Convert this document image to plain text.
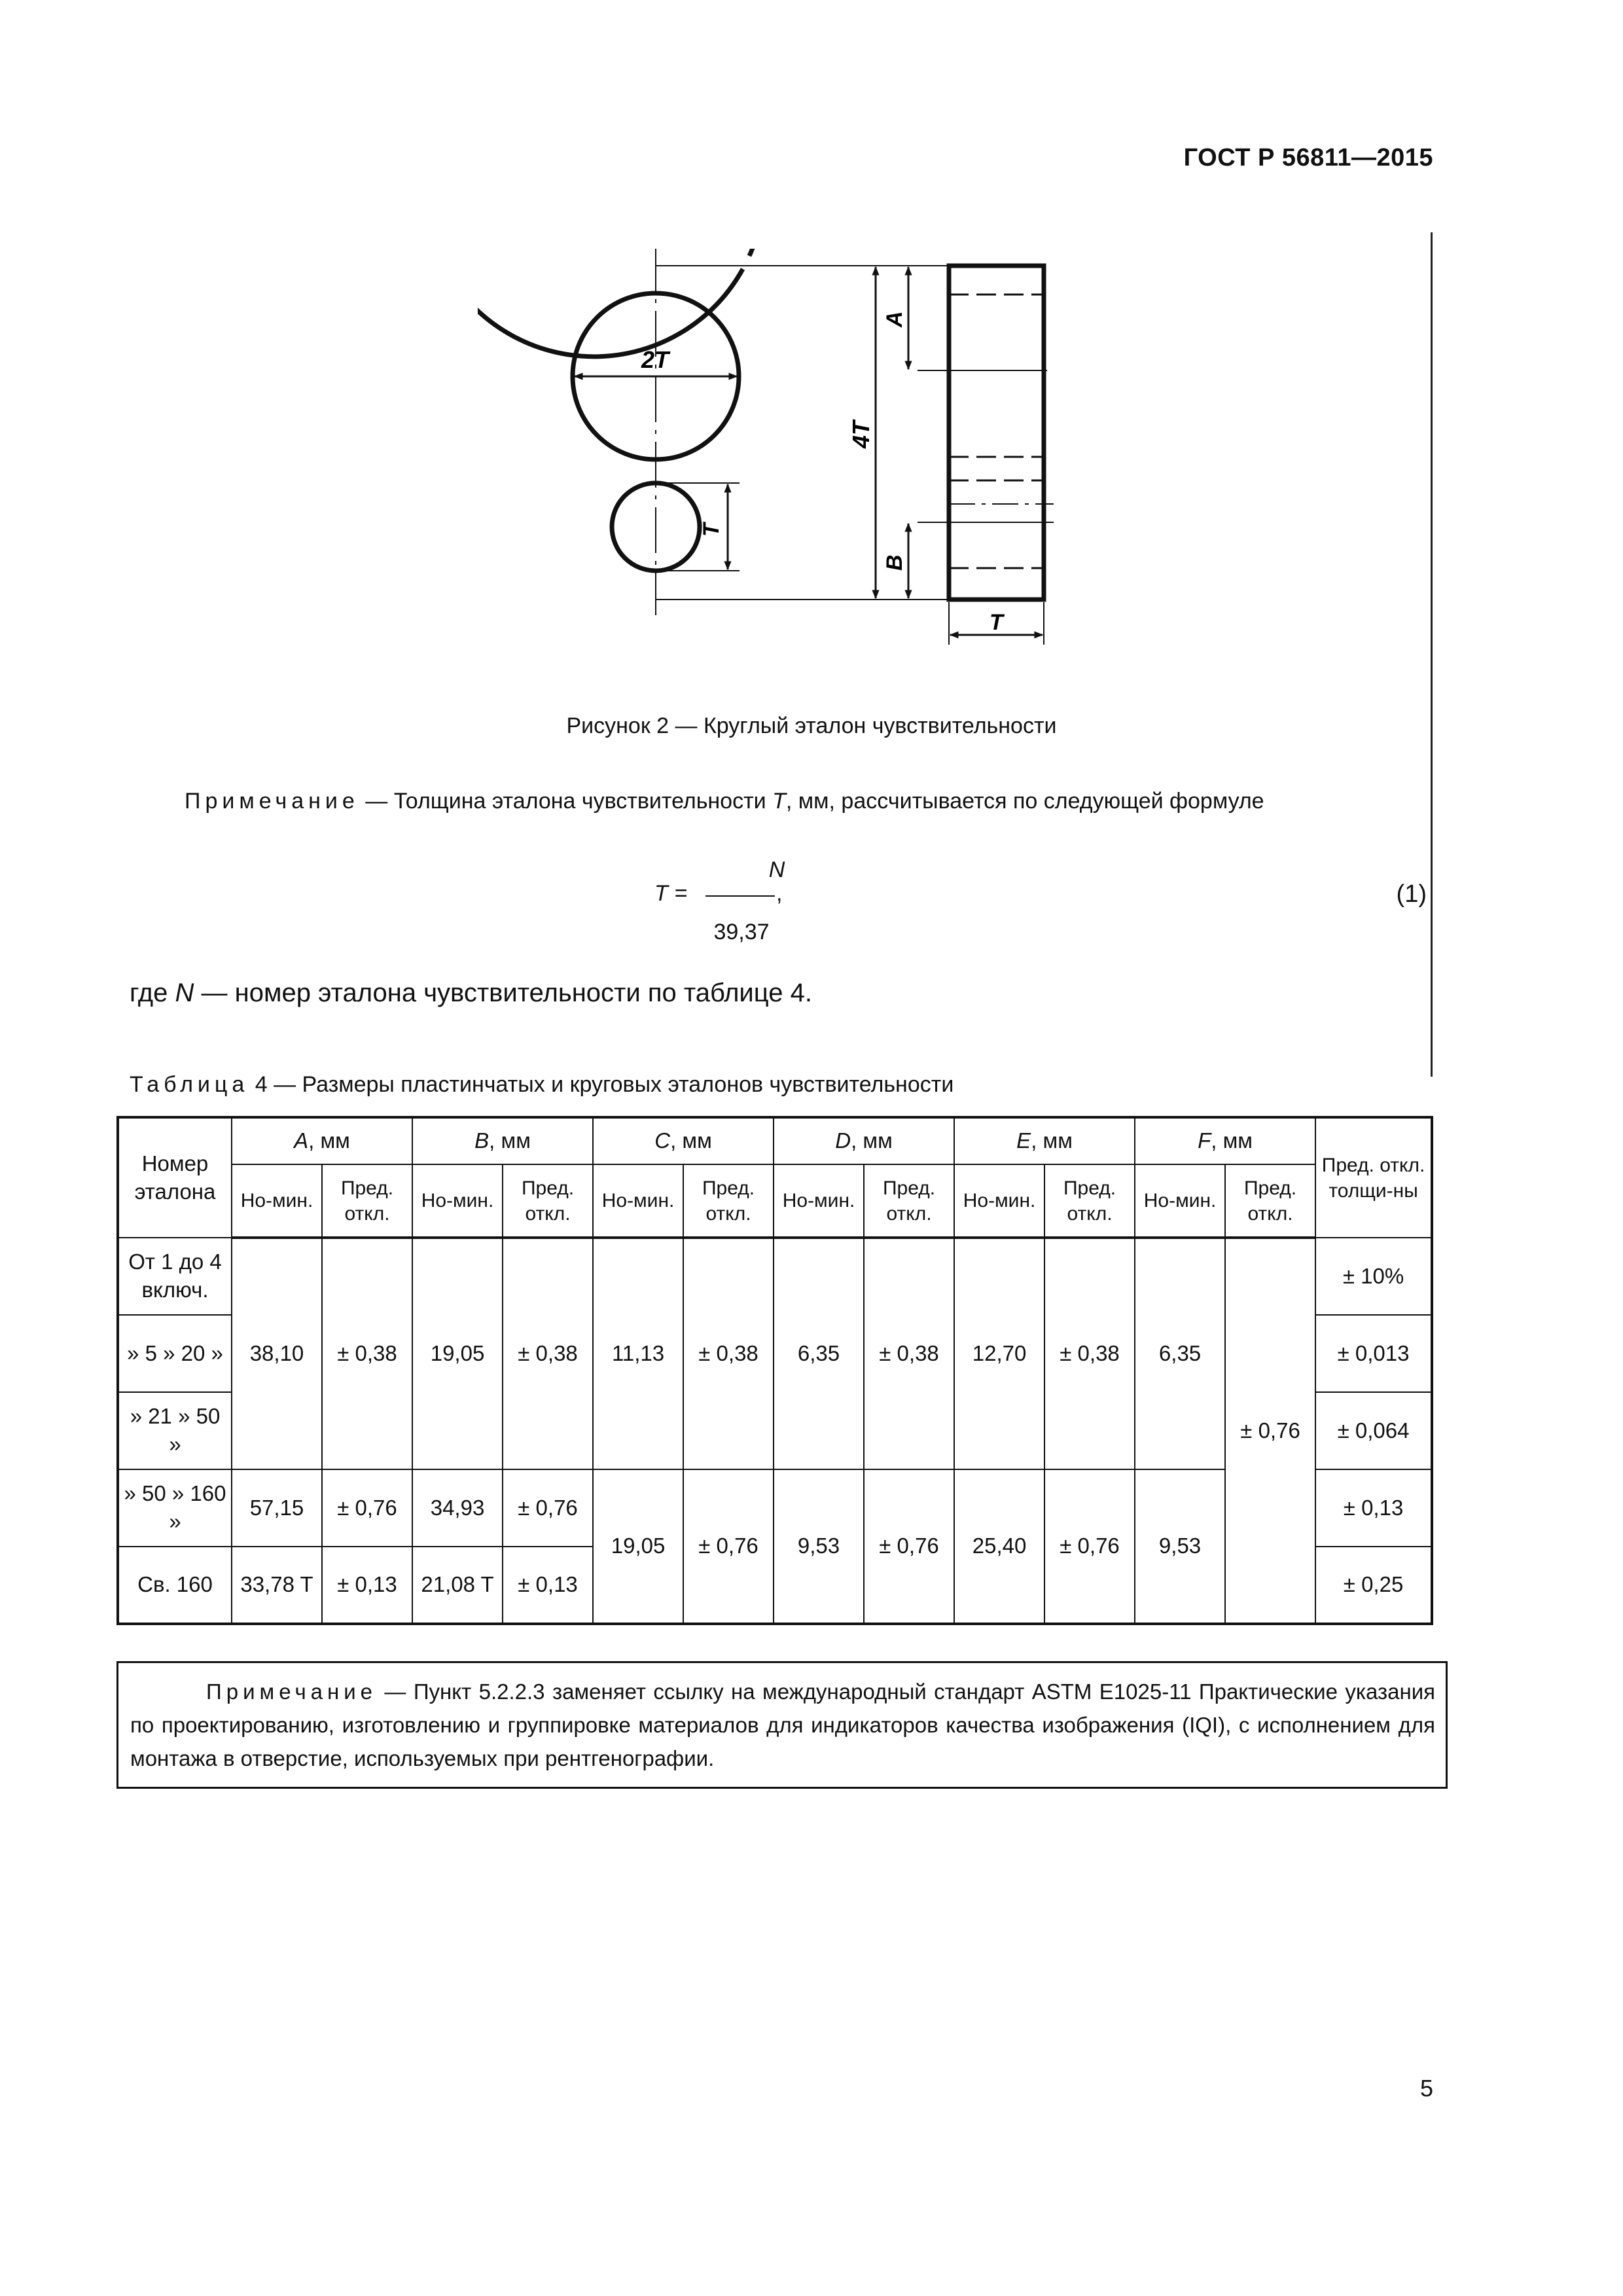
ГОСТ Р 56811—2015
2T
T
4T
A
B
T
Рисунок 2 — Круглый эталон чувствительности
Примечание — Толщина эталона чувствительности T, мм, рассчитывается по следующей формуле
T =
N
,
39,37
(1)
где N — номер эталона чувствительности по таблице 4.
Таблица 4 — Размеры пластинчатых и круговых эталонов чувствительности
Номер эталона	A, мм		B, мм		C, мм		D, мм		E, мм		F, мм		Пред. откл. толщи-ны
	Но-мин.	Пред. откл.	Но-мин.	Пред. откл.	Но-мин.	Пред. откл.	Но-мин.	Пред. откл.	Но-мин.	Пред. откл.	Но-мин.	Пред. откл.	
От 1 до 4 включ.	38,10	± 0,38	19,05	± 0,38	11,13	± 0,38	6,35	± 0,38	12,70	± 0,38	6,35	± 0,76	± 10%
» 5 » 20 »													± 0,013
» 21 » 50 »													± 0,064
» 50 » 160 »	57,15	± 0,76	34,93	± 0,76	19,05	± 0,76	9,53	± 0,76	25,40	± 0,76	9,53		± 0,13
Св. 160	33,78 T	± 0,13	21,08 T	± 0,13									± 0,25
Примечание — Пункт 5.2.2.3 заменяет ссылку на международный стандарт ASTM E1025-11 Практические указания по проектированию, изготовлению и группировке материалов для индикаторов качества изображения (IQI), с исполнением для монтажа в отверстие, используемых при рентгенографии.
5
